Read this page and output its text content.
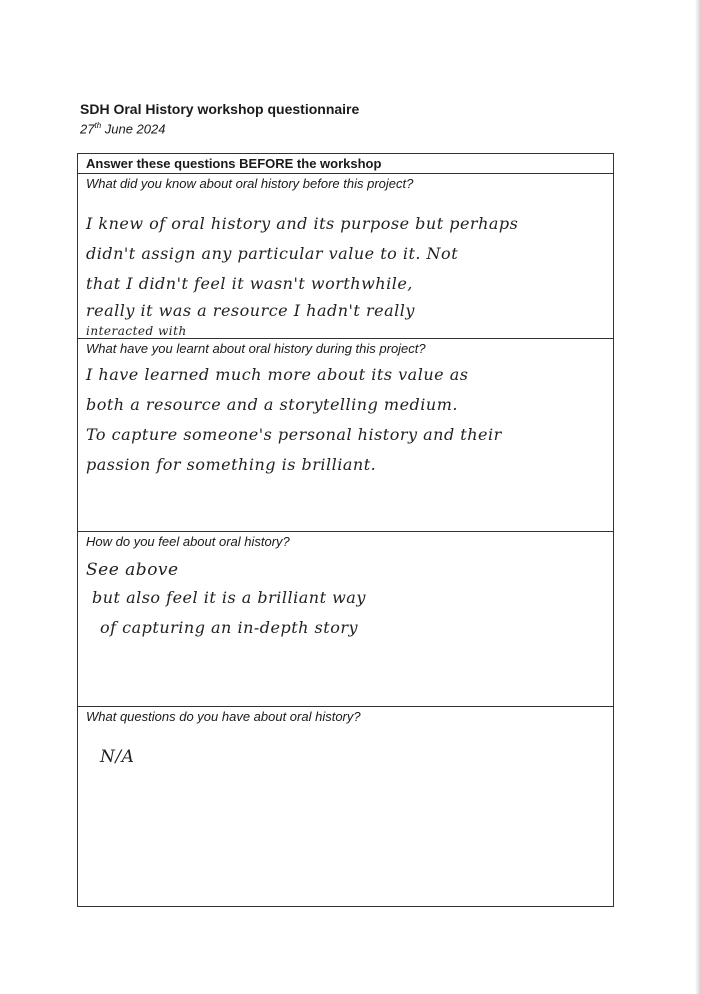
SDH Oral History workshop questionnaire
27th June 2024
Answer these questions BEFORE the workshop
What did you know about oral history before this project?
I knew of oral history and its purpose but perhaps
didn't assign any particular value to it. Not
that I didn't feel it wasn't worthwhile,
really it was a resource I hadn't really
interacted with
What have you learnt about oral history during this project?
I have learned much more about its value as
both a resource and a storytelling medium.
To capture someone's personal history and their
passion for something is brilliant.
How do you feel about oral history?
See above
but also feel it is a brilliant way
of capturing an in-depth story
What questions do you have about oral history?
N/A
